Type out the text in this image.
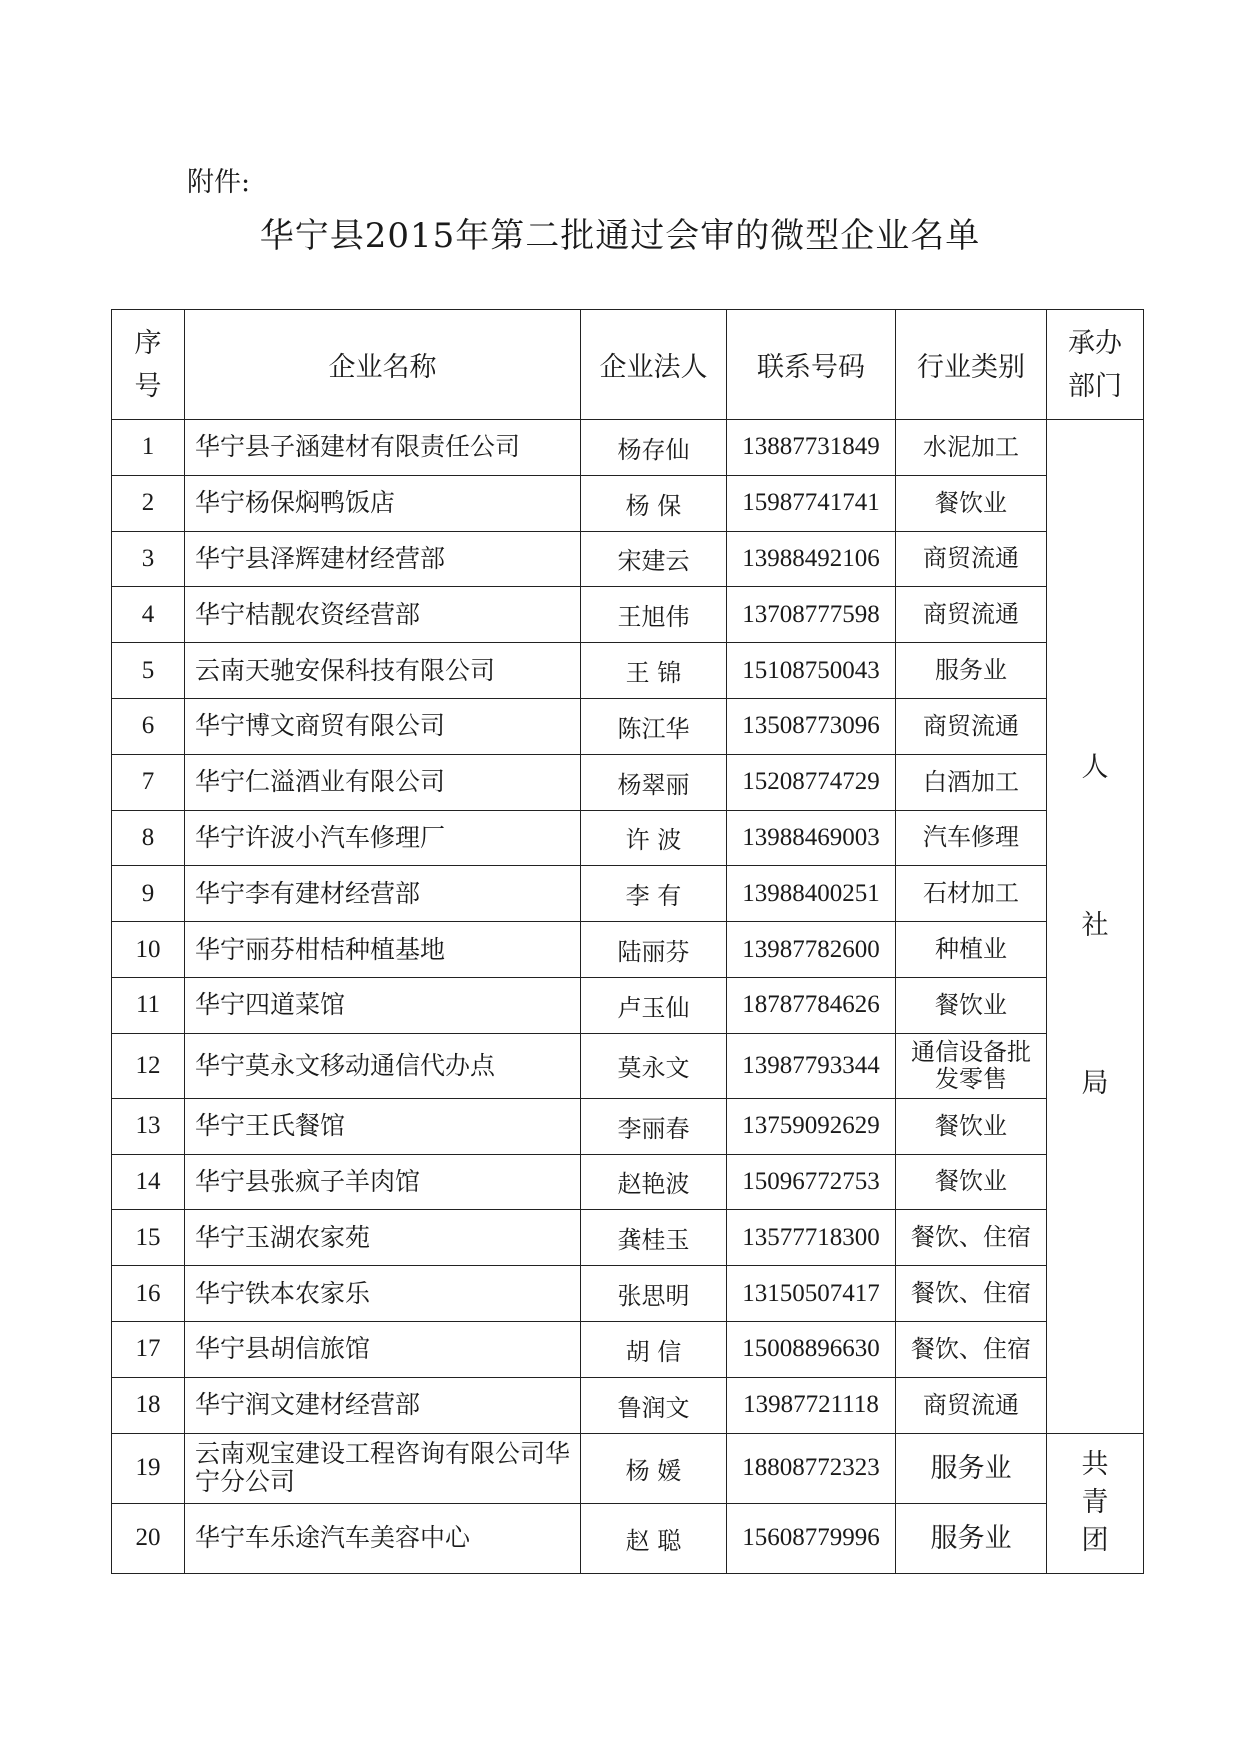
附件:
华宁县2015年第二批通过会审的微型企业名单
序
号	企业名称	企业法人	联系号码	行业类别	承办
部门
1	华宁县子涵建材有限责任公司	杨存仙	13887731849	水泥加工	人
社
局
2	华宁杨保焖鸭饭店	杨 保	15987741741	餐饮业	
3	华宁县泽辉建材经营部	宋建云	13988492106	商贸流通	
4	华宁桔靓农资经营部	王旭伟	13708777598	商贸流通	
5	云南天驰安保科技有限公司	王 锦	15108750043	服务业	
6	华宁博文商贸有限公司	陈江华	13508773096	商贸流通	
7	华宁仁溢酒业有限公司	杨翠丽	15208774729	白酒加工	
8	华宁许波小汽车修理厂	许 波	13988469003	汽车修理	
9	华宁李有建材经营部	李 有	13988400251	石材加工	
10	华宁丽芬柑桔种植基地	陆丽芬	13987782600	种植业	
11	华宁四道菜馆	卢玉仙	18787784626	餐饮业	
12	华宁莫永文移动通信代办点	莫永文	13987793344	通信设备批发零售	
13	华宁王氏餐馆	李丽春	13759092629	餐饮业	
14	华宁县张疯子羊肉馆	赵艳波	15096772753	餐饮业	
15	华宁玉湖农家苑	龚桂玉	13577718300	餐饮、住宿	
16	华宁铁本农家乐	张思明	13150507417	餐饮、住宿	
17	华宁县胡信旅馆	胡 信	15008896630	餐饮、住宿	
18	华宁润文建材经营部	鲁润文	13987721118	商贸流通	
19	云南观宝建设工程咨询有限公司华宁分公司	杨 媛	18808772323	服务业	共
青
团
20	华宁车乐途汽车美容中心	赵 聪	15608779996	服务业	
